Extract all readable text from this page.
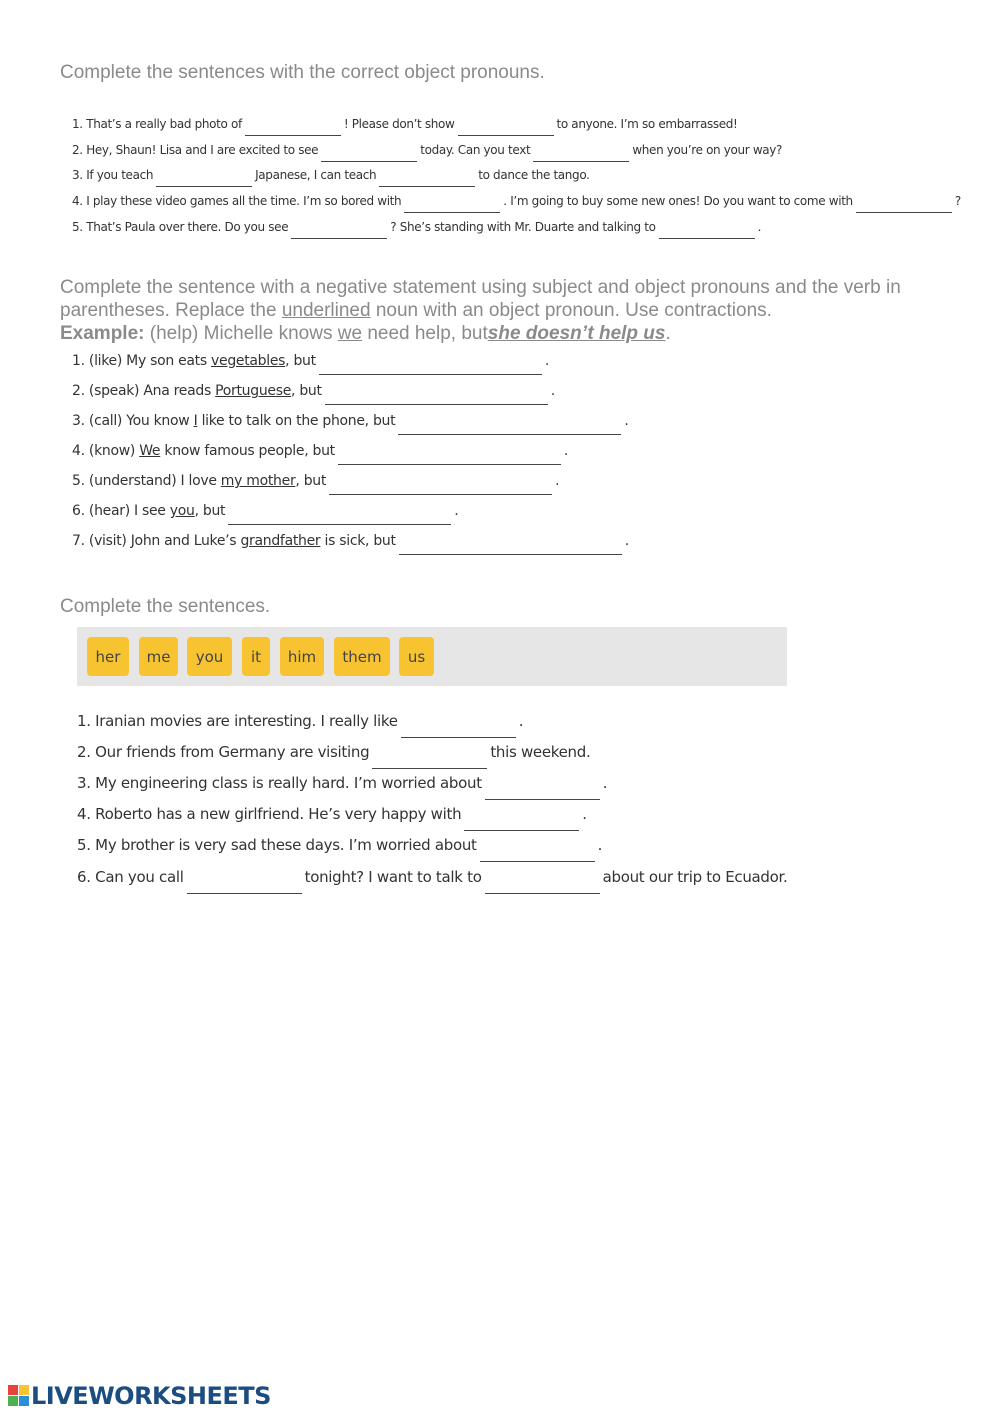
Complete the sentences with the correct object pronouns.
1. That’s a really bad photo of	! Please don’t show	to anyone. I’m so embarrassed!
2. Hey, Shaun! Lisa and I are excited to see	today. Can you text	when you’re on your way?
3. If you teach	Japanese, I can teach	to dance the tango.
4. I play these video games all the time. I’m so bored with	. I’m going to buy some new ones! Do you want to come with	?
5. That’s Paula over there. Do you see	? She’s standing with Mr. Duarte and talking to	.
Complete the sentence with a negative statement using subject and object pronouns and the verb in parentheses. Replace the underlined noun with an object pronoun. Use contractions.
Example: (help) Michelle knows we need help, butshe doesn’t help us.
1. (like) My son eats vegetables, but	.
2. (speak) Ana reads Portuguese, but	.
3. (call) You know I like to talk on the phone, but	.
4. (know) We know famous people, but	.
5. (understand) I love my mother, but	.
6. (hear) I see you, but	.
7. (visit) John and Luke’s grandfather is sick, but	.
Complete the sentences.
her	me	you	it	him	them	us
1. Iranian movies are interesting. I really like	.
2. Our friends from Germany are visiting	this weekend.
3. My engineering class is really hard. I’m worried about	.
4. Roberto has a new girlfriend. He’s very happy with	.
5. My brother is very sad these days. I’m worried about	.
6. Can you call	tonight? I want to talk to	about our trip to Ecuador.
LIVEWORKSHEETS
